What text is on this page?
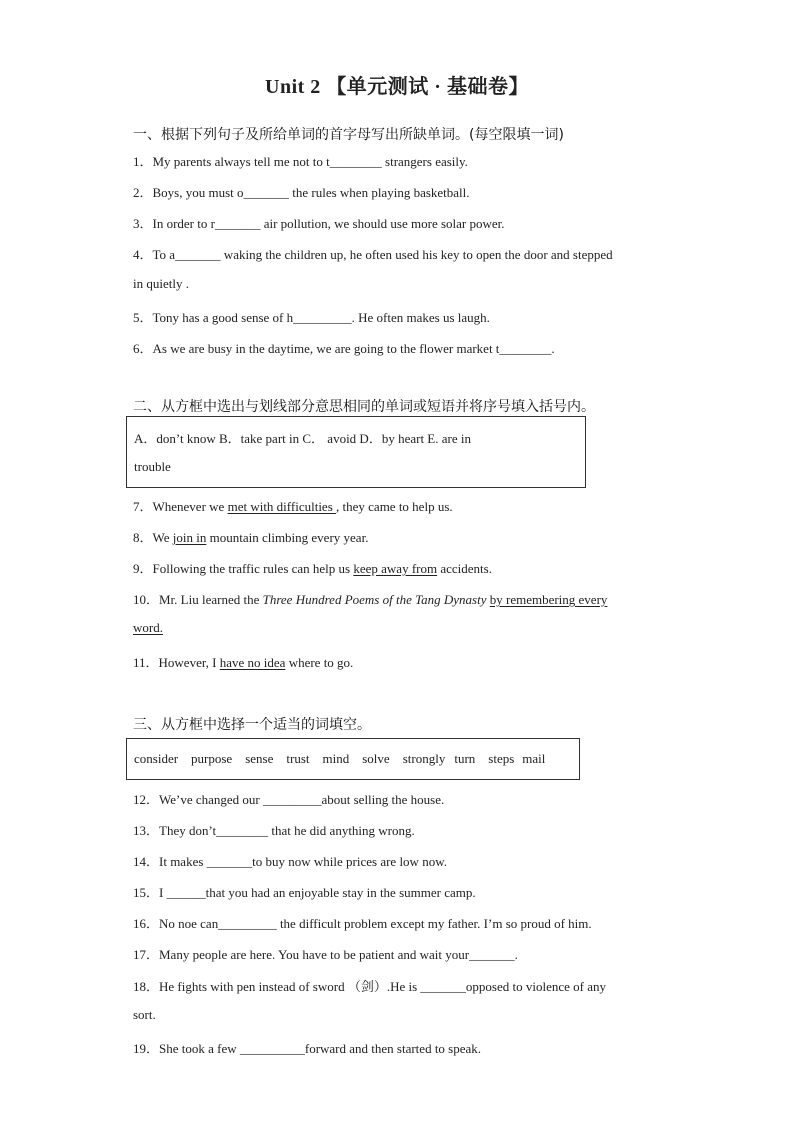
Unit 2 【单元测试 · 基础卷】
一、根据下列句子及所给单词的首字母写出所缺单词。(每空限填一词)
1．My parents always tell me not to t________ strangers easily.
2．Boys, you must o_______ the rules when playing basketball.
3．In order to r_______ air pollution, we should use more solar power.
4．To a_______ waking the children up, he often used his key to open the door and stepped
in quietly .
5．Tony has a good sense of h_________. He often makes us laugh.
6．As we are busy in the daytime, we are going to the flower market t________.
二、从方框中选出与划线部分意思相同的单词或短语并将序号填入括号内。
A．don’t know B．take part in C． avoid D．by heart E. are in
trouble
7．Whenever we met with difficulties , they came to help us.
8．We join in mountain climbing every year.
9．Following the traffic rules can help us keep away from accidents.
10．Mr. Liu learned the Three Hundred Poems of the Tang Dynasty by remembering every
word.
11．However, I have no idea where to go.
三、从方框中选择一个适当的词填空。
consider purpose sense trust mind solve strongly turn steps mail
12．We’ve changed our _________about selling the house.
13．They don’t________ that he did anything wrong.
14．It makes _______to buy now while prices are low now.
15．I ______that you had an enjoyable stay in the summer camp.
16．No noe can_________ the difficult problem except my father. I’m so proud of him.
17．Many people are here. You have to be patient and wait your_______.
18．He fights with pen instead of sword （剑）.He is _______opposed to violence of any
sort.
19．She took a few __________forward and then started to speak.
